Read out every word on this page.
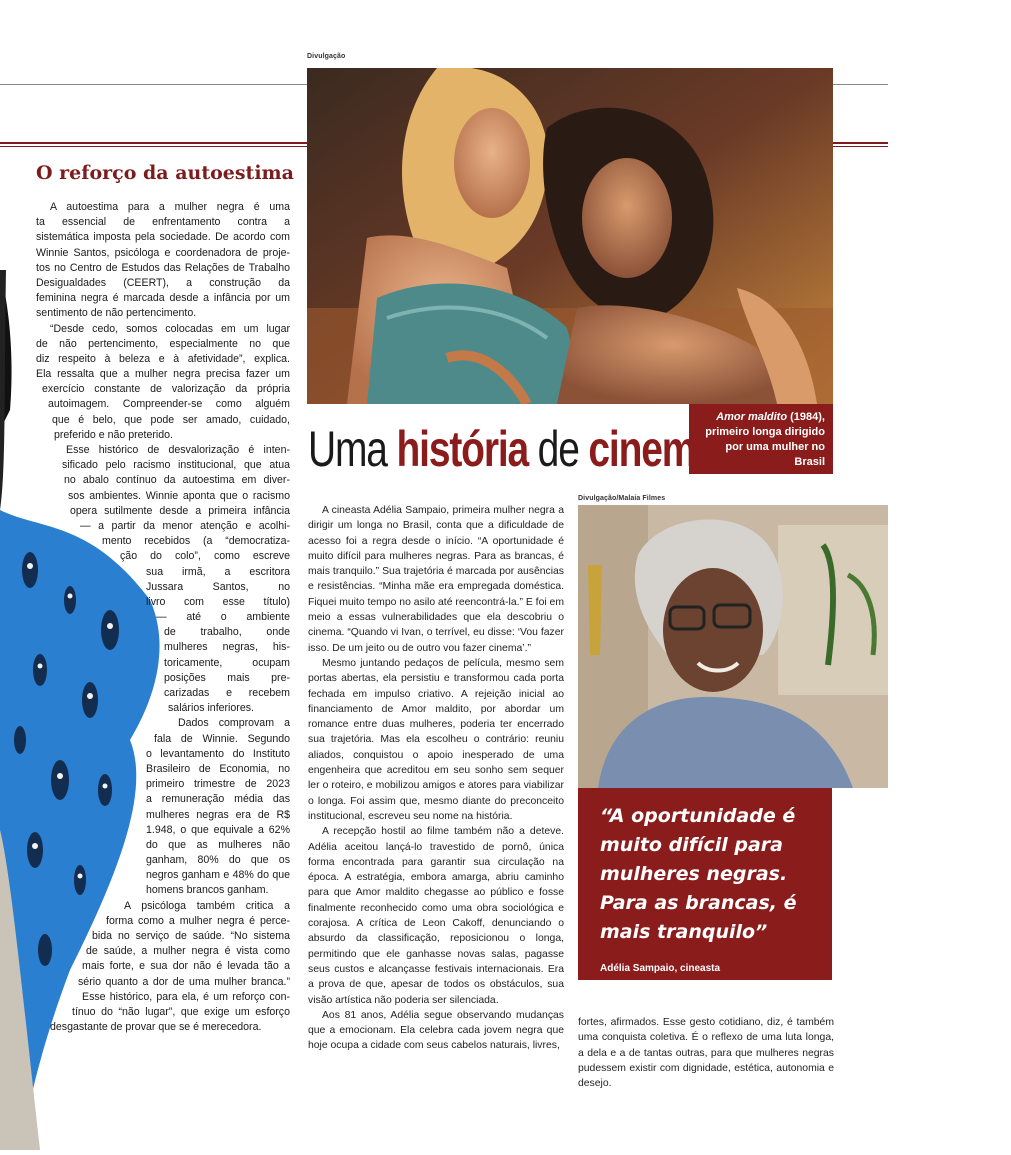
Divulgação
Divulgação/Malaia Filmes
Amor maldito (1984), primeiro longa dirigido por uma mulher no Brasil
Uma história de cinema
O reforço da autoestima
A autoestima para a mulher negra é uma
ta essencial de enfrentamento contra a
sistemática imposta pela sociedade. De acordo com
Winnie Santos, psicóloga e coordenadora de proje-
tos no Centro de Estudos das Relações de Trabalho
Desigualdades (CEERT), a construção da
feminina negra é marcada desde a infância por um
sentimento de não pertencimento.
“Desde cedo, somos colocadas em um lugar
de não pertencimento, especialmente no que
diz respeito à beleza e à afetividade”, explica.
Ela ressalta que a mulher negra precisa fazer um
exercício constante de valorização da própria
autoimagem. Compreender-se como alguém
que é belo, que pode ser amado, cuidado,
preferido e não preterido.
Esse histórico de desvalorização é inten-
sificado pelo racismo institucional, que atua
no abalo contínuo da autoestima em diver-
sos ambientes. Winnie aponta que o racismo
opera sutilmente desde a primeira infância
— a partir da menor atenção e acolhi-
mento recebidos (a “democratiza-
ção do colo”, como escreve
sua irmã, a escritora
Jussara Santos, no
livro com esse título)
— até o ambiente
de trabalho, onde
mulheres negras, his-
toricamente, ocupam
posições mais pre-
carizadas e recebem
salários inferiores.
Dados comprovam a
fala de Winnie. Segundo
o levantamento do Instituto
Brasileiro de Economia, no
primeiro trimestre de 2023
a remuneração média das
mulheres negras era de R$
1.948, o que equivale a 62%
do que as mulheres não
ganham, 80% do que os
negros ganham e 48% do que
homens brancos ganham.
A psicóloga também critica a
forma como a mulher negra é perce-
bida no serviço de saúde. “No sistema
de saúde, a mulher negra é vista como
mais forte, e sua dor não é levada tão a
sério quanto a dor de uma mulher branca.”
Esse histórico, para ela, é um reforço con-
tínuo do “não lugar”, que exige um esforço
desgastante de provar que se é merecedora.

A cineasta Adélia Sampaio, primeira mulher negra a dirigir um longa no Brasil, conta que a dificuldade de acesso foi a regra desde o início. “A oportunidade é muito difícil para mulheres negras. Para as brancas, é mais tranquilo.” Sua trajetória é marcada por ausências e resistências. “Minha mãe era empregada doméstica. Fiquei muito tempo no asilo até reencontrá-la.” E foi em meio a essas vulnerabilidades que ela descobriu o cinema. “Quando vi Ivan, o terrível, eu disse: ‘Vou fazer isso. De um jeito ou de outro vou fazer cinema’.”

Mesmo juntando pedaços de película, mesmo sem portas abertas, ela persistiu e transformou cada porta fechada em impulso criativo. A rejeição inicial ao financiamento de Amor maldito, por abordar um romance entre duas mulheres, poderia ter encerrado sua trajetória. Mas ela escolheu o contrário: reuniu aliados, conquistou o apoio inesperado de uma engenheira que acreditou em seu sonho sem sequer ler o roteiro, e mobilizou amigos e atores para viabilizar o longa. Foi assim que, mesmo diante do preconceito institucional, escreveu seu nome na história.

A recepção hostil ao filme também não a deteve. Adélia aceitou lançá-lo travestido de pornô, única forma encontrada para garantir sua circulação na época. A estratégia, embora amarga, abriu caminho para que Amor maldito chegasse ao público e fosse finalmente reconhecido como uma obra sociológica e corajosa. A crítica de Leon Cakoff, denunciando o absurdo da classificação, reposicionou o longa, permitindo que ele ganhasse novas salas, pagasse seus custos e alcançasse festivais internacionais. Era a prova de que, apesar de todos os obstáculos, sua visão artística não poderia ser silenciada.

Aos 81 anos, Adélia segue observando mudanças que a emocionam. Ela celebra cada jovem negra que hoje ocupa a cidade com seus cabelos naturais, livres,

“A oportunidade é muito difícil para mulheres negras. Para as brancas, é mais tranquilo”
Adélia Sampaio, cineasta

fortes, afirmados. Esse gesto cotidiano, diz, é também uma conquista coletiva. É o reflexo de uma luta longa, a dela e a de tantas outras, para que mulheres negras pudessem existir com dignidade, estética, autonomia e desejo.
